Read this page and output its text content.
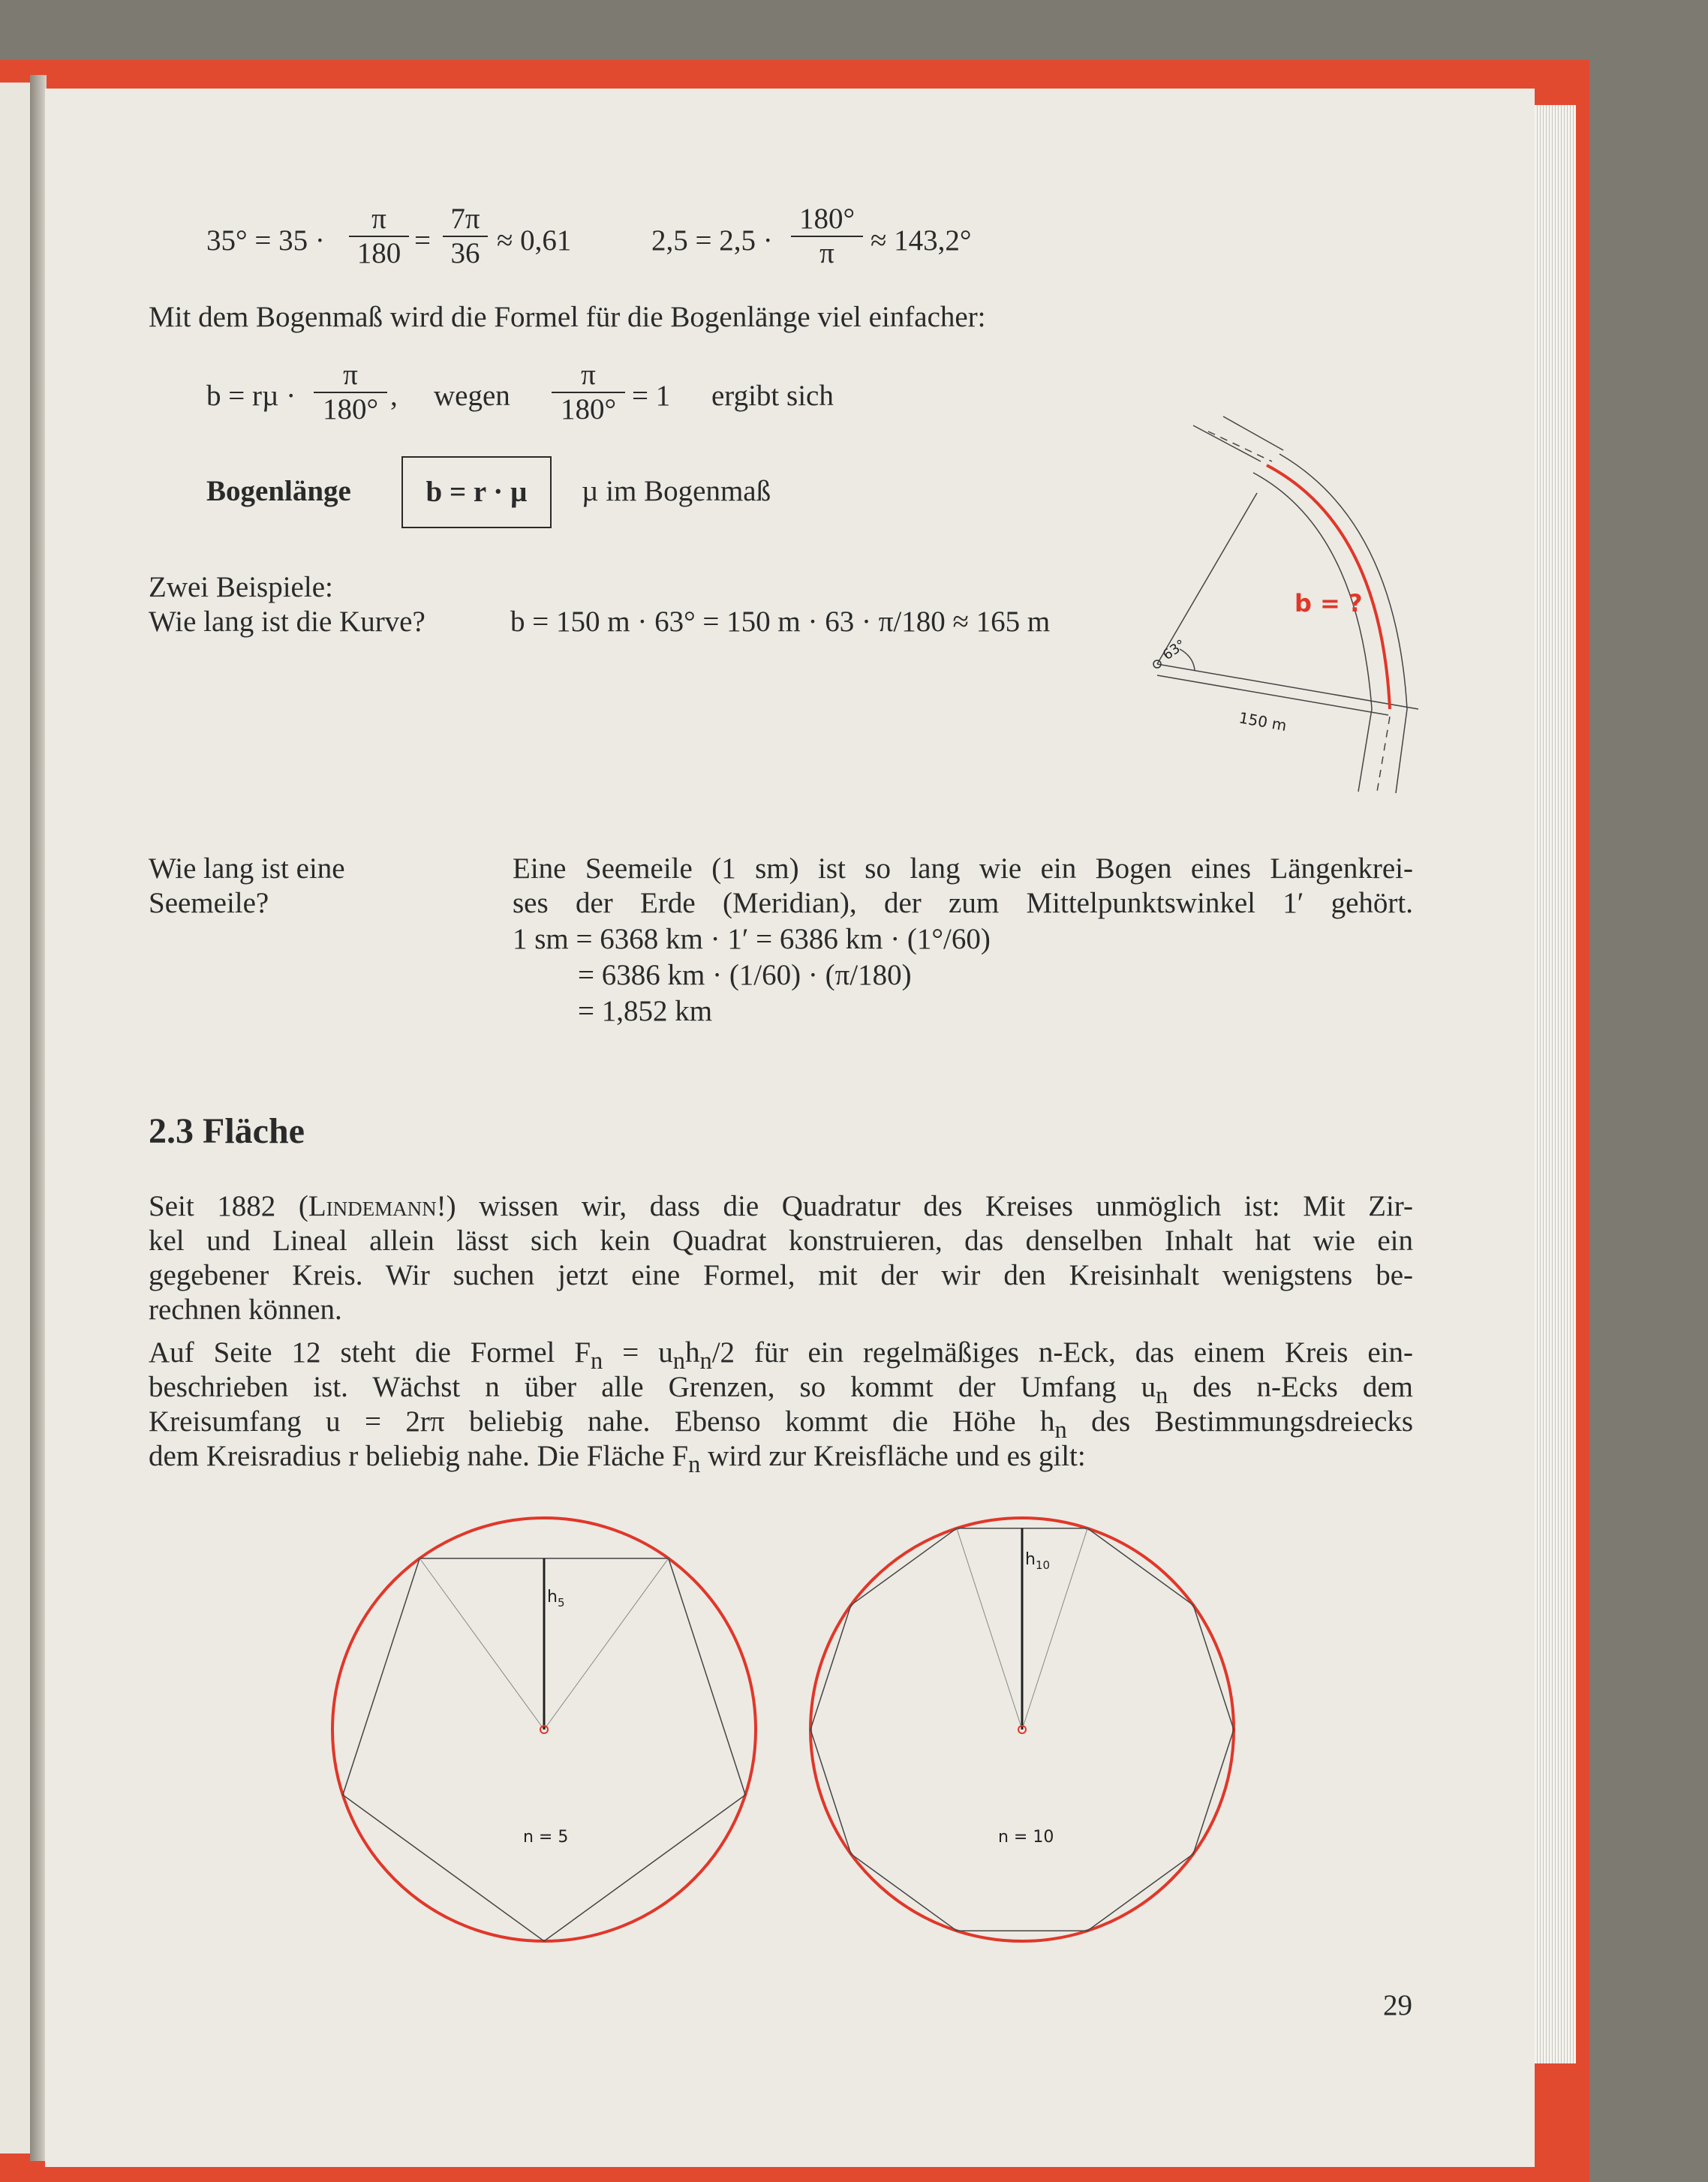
$35^\circ = 35 \cdot \frac{\pi}{180} = \frac{7\pi}{36} \approx 0,61$	$2,5 = 2,5 \cdot \frac{180^\circ}{\pi} \approx 143,2^\circ$
Mit dem Bogenmaß wird die Formel für die Bogenlänge viel einfacher:
$b = r\mu \cdot \frac{\pi}{180^\circ}$ , wegen $\frac{\pi}{180^\circ} = 1$ ergibt sich
Bogenlänge	b = r · µ	µ im Bogenmaß
Zwei Beispiele:
Wie lang ist die Kurve?	b = 150 m · 63° = 150 m · 63 · π/180 ≈ 165 m
63°
150 m
b = ?
Wie lang ist eine
Seemeile?
Eine Seemeile (1 sm) ist so lang wie ein Bogen eines Längenkrei-
ses der Erde (Meridian), der zum Mittelpunktswinkel 1′ gehört.
1 sm = 6368 km · 1′ = 6386 km · (1°/60)
= 6386 km · (1/60) · (π/180)
= 1,852 km
2.3 Fläche
Seit 1882 (Lindemann!) wissen wir, dass die Quadratur des Kreises unmöglich ist: Mit Zir-
kel und Lineal allein lässt sich kein Quadrat konstruieren, das denselben Inhalt hat wie ein
gegebener Kreis. Wir suchen jetzt eine Formel, mit der wir den Kreisinhalt wenigstens be-
rechnen können.
Auf Seite 12 steht die Formel $F_n = u_nh_n/2$ für ein regelmäßiges n-Eck, das einem Kreis ein-
beschrieben ist. Wächst n über alle Grenzen, so kommt der Umfang $u_n$ des n-Ecks dem
Kreisumfang u = 2rπ beliebig nahe. Ebenso kommt die Höhe $h_n$ des Bestimmungsdreiecks
dem Kreisradius r beliebig nahe. Die Fläche $F_n$ wird zur Kreisfläche und es gilt:
$h_5$
n = 5
$h_{10}$
n = 10
29
